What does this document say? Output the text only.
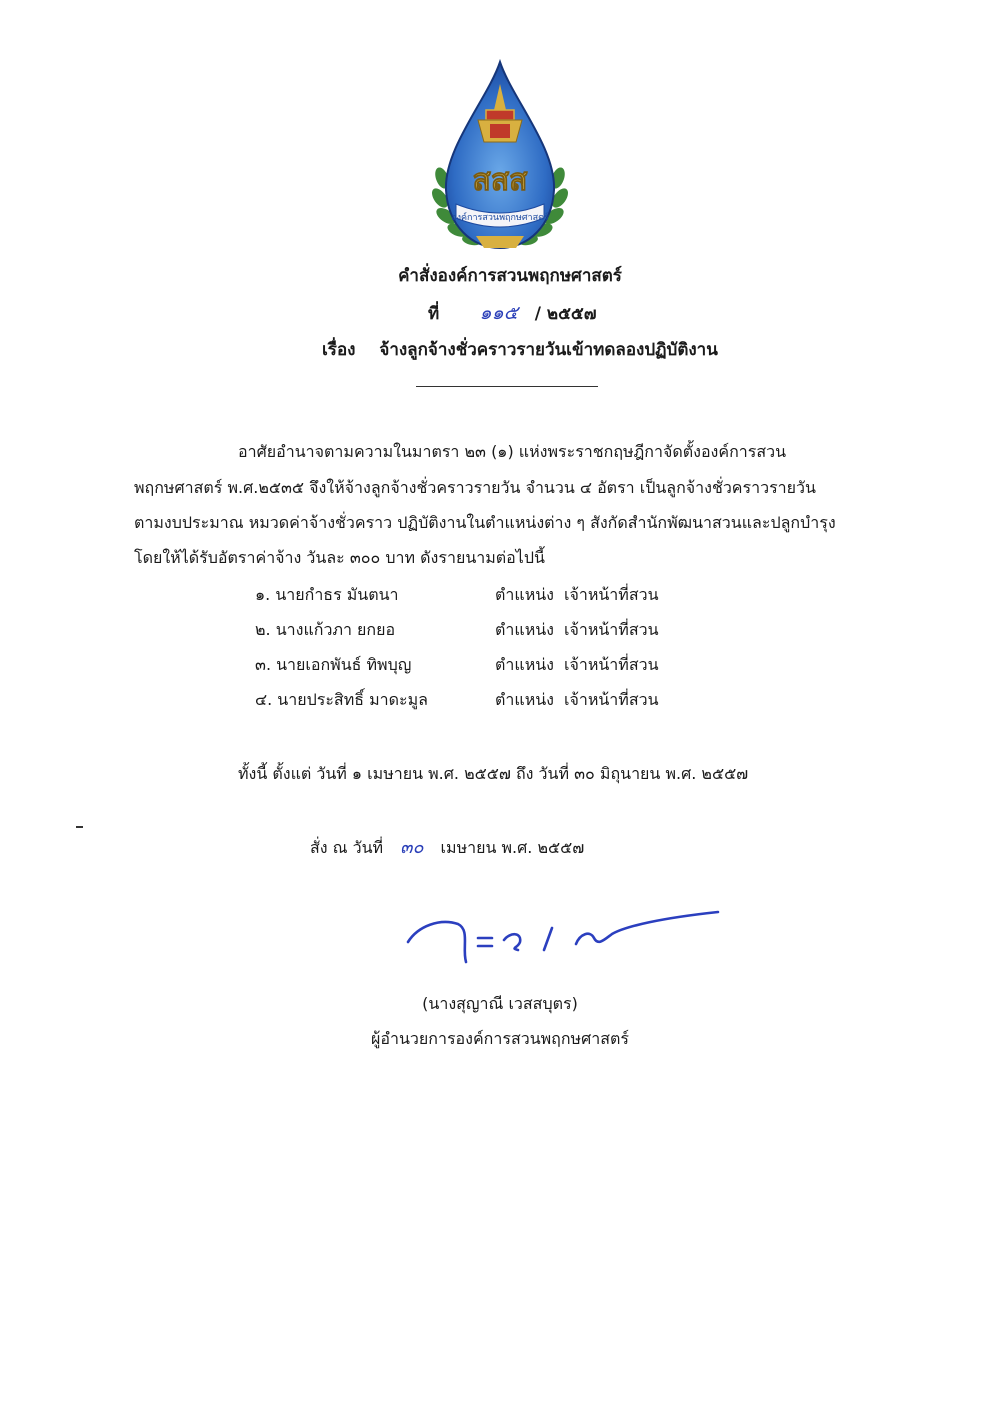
สสส
องค์การสวนพฤกษศาสตร์
คำสั่งองค์การสวนพฤกษศาสตร์
ที่ ๑๑๕ / ๒๕๕๗
เรื่อง จ้างลูกจ้างชั่วคราวรายวันเข้าทดลองปฏิบัติงาน
อาศัยอำนาจตามความในมาตรา ๒๓ (๑) แห่งพระราชกฤษฎีกาจัดตั้งองค์การสวน
พฤกษศาสตร์ พ.ศ.๒๕๓๕ จึงให้จ้างลูกจ้างชั่วคราวรายวัน จำนวน ๔ อัตรา เป็นลูกจ้างชั่วคราวรายวัน
ตามงบประมาณ หมวดค่าจ้างชั่วคราว ปฏิบัติงานในตำแหน่งต่าง ๆ สังกัดสำนักพัฒนาสวนและปลูกบำรุง
โดยให้ได้รับอัตราค่าจ้าง วันละ ๓๐๐ บาท ดังรายนามต่อไปนี้
๑. นายกำธร มันตนา	ตำแหน่ง เจ้าหน้าที่สวน
๒. นางแก้วภา ยกยอ	ตำแหน่ง เจ้าหน้าที่สวน
๓. นายเอกพันธ์ ทิพบุญ	ตำแหน่ง เจ้าหน้าที่สวน
๔. นายประสิทธิ์ มาดะมูล	ตำแหน่ง เจ้าหน้าที่สวน
ทั้งนี้ ตั้งแต่ วันที่ ๑ เมษายน พ.ศ. ๒๕๕๗ ถึง วันที่ ๓๐ มิถุนายน พ.ศ. ๒๕๕๗
สั่ง ณ วันที่ ๓๐ เมษายน พ.ศ. ๒๕๕๗
(นางสุญาณี เวสสบุตร)
ผู้อำนวยการองค์การสวนพฤกษศาสตร์
